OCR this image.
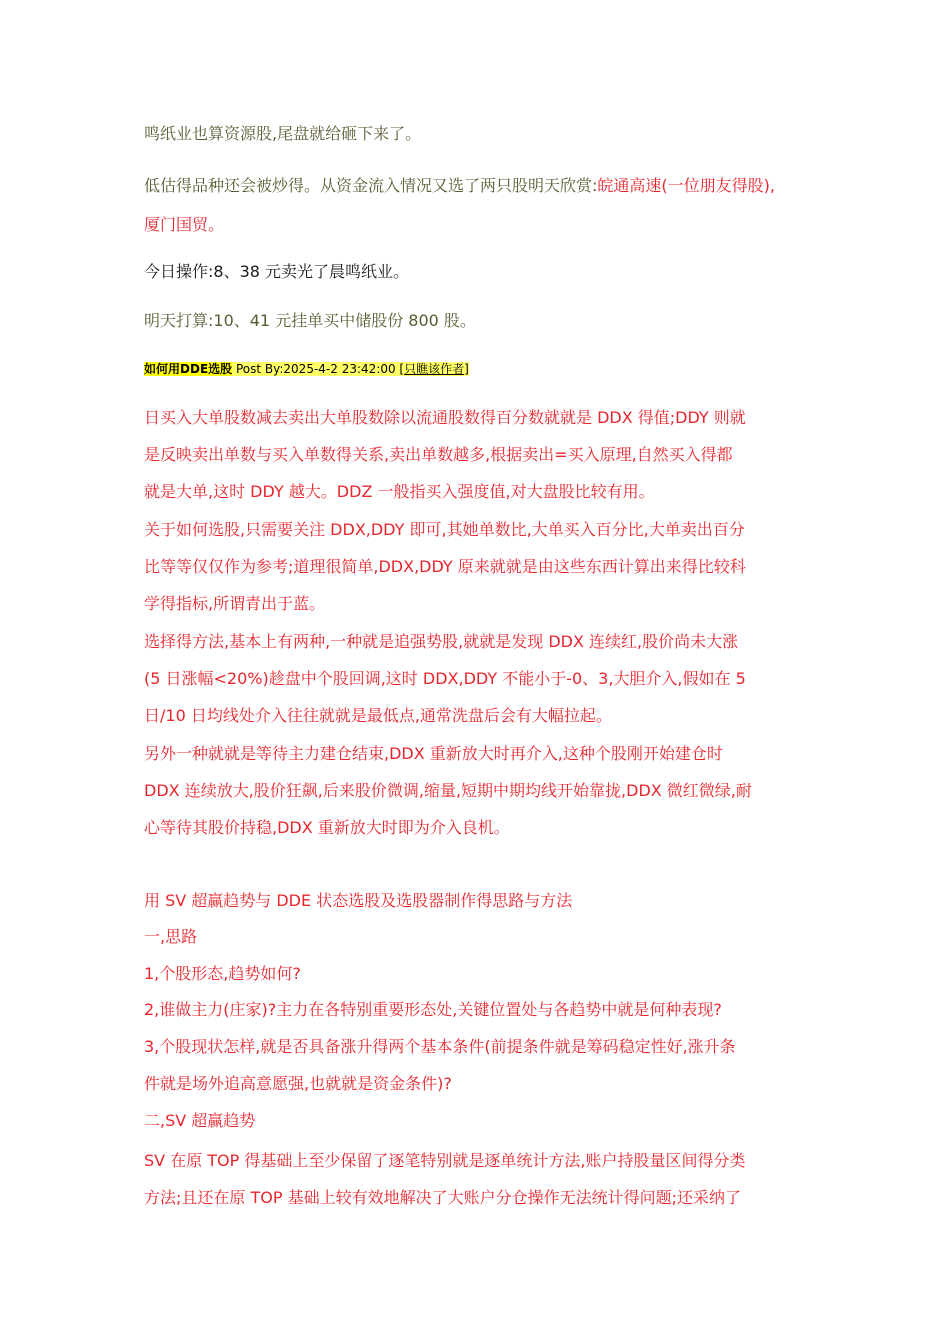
鸣纸业也算资源股,尾盘就给砸下来了。
低估得品种还会被炒得。从资金流入情况又选了两只股明天欣赏:皖通高速(一位朋友得股),
厦门国贸。
今日操作:8、38 元卖光了晨鸣纸业。
明天打算:10、41 元挂单买中储股份 800 股。
如何用DDE选股 Post By:2025-4-2 23:42:00 [只瞧该作者]
日买入大单股数减去卖出大单股数除以流通股数得百分数就就是 DDX 得值;DDY 则就
是反映卖出单数与买入单数得关系,卖出单数越多,根据卖出=买入原理,自然买入得都
就是大单,这时 DDY 越大。DDZ 一般指买入强度值,对大盘股比较有用。
关于如何选股,只需要关注 DDX,DDY 即可,其她单数比,大单买入百分比,大单卖出百分
比等等仅仅作为参考;道理很简单,DDX,DDY 原来就就是由这些东西计算出来得比较科
学得指标,所谓青出于蓝。
选择得方法,基本上有两种,一种就是追强势股,就就是发现 DDX 连续红,股价尚未大涨
(5 日涨幅<20%)趁盘中个股回调,这时 DDX,DDY 不能小于-0、3,大胆介入,假如在 5
日/10 日均线处介入往往就就是最低点,通常洗盘后会有大幅拉起。
另外一种就就是等待主力建仓结束,DDX 重新放大时再介入,这种个股刚开始建仓时
DDX 连续放大,股价狂飙,后来股价微调,缩量,短期中期均线开始靠拢,DDX 微红微绿,耐
心等待其股价持稳,DDX 重新放大时即为介入良机。
用 SV 超赢趋势与 DDE 状态选股及选股器制作得思路与方法
一,思路
1,个股形态,趋势如何?
2,谁做主力(庄家)?主力在各特别重要形态处,关键位置处与各趋势中就是何种表现?
3,个股现状怎样,就是否具备涨升得两个基本条件(前提条件就是筹码稳定性好,涨升条
件就是场外追高意愿强,也就就是资金条件)?
二,SV 超赢趋势
SV 在原 TOP 得基础上至少保留了逐笔特别就是逐单统计方法,账户持股量区间得分类
方法;且还在原 TOP 基础上较有效地解决了大账户分仓操作无法统计得问题;还采纳了
